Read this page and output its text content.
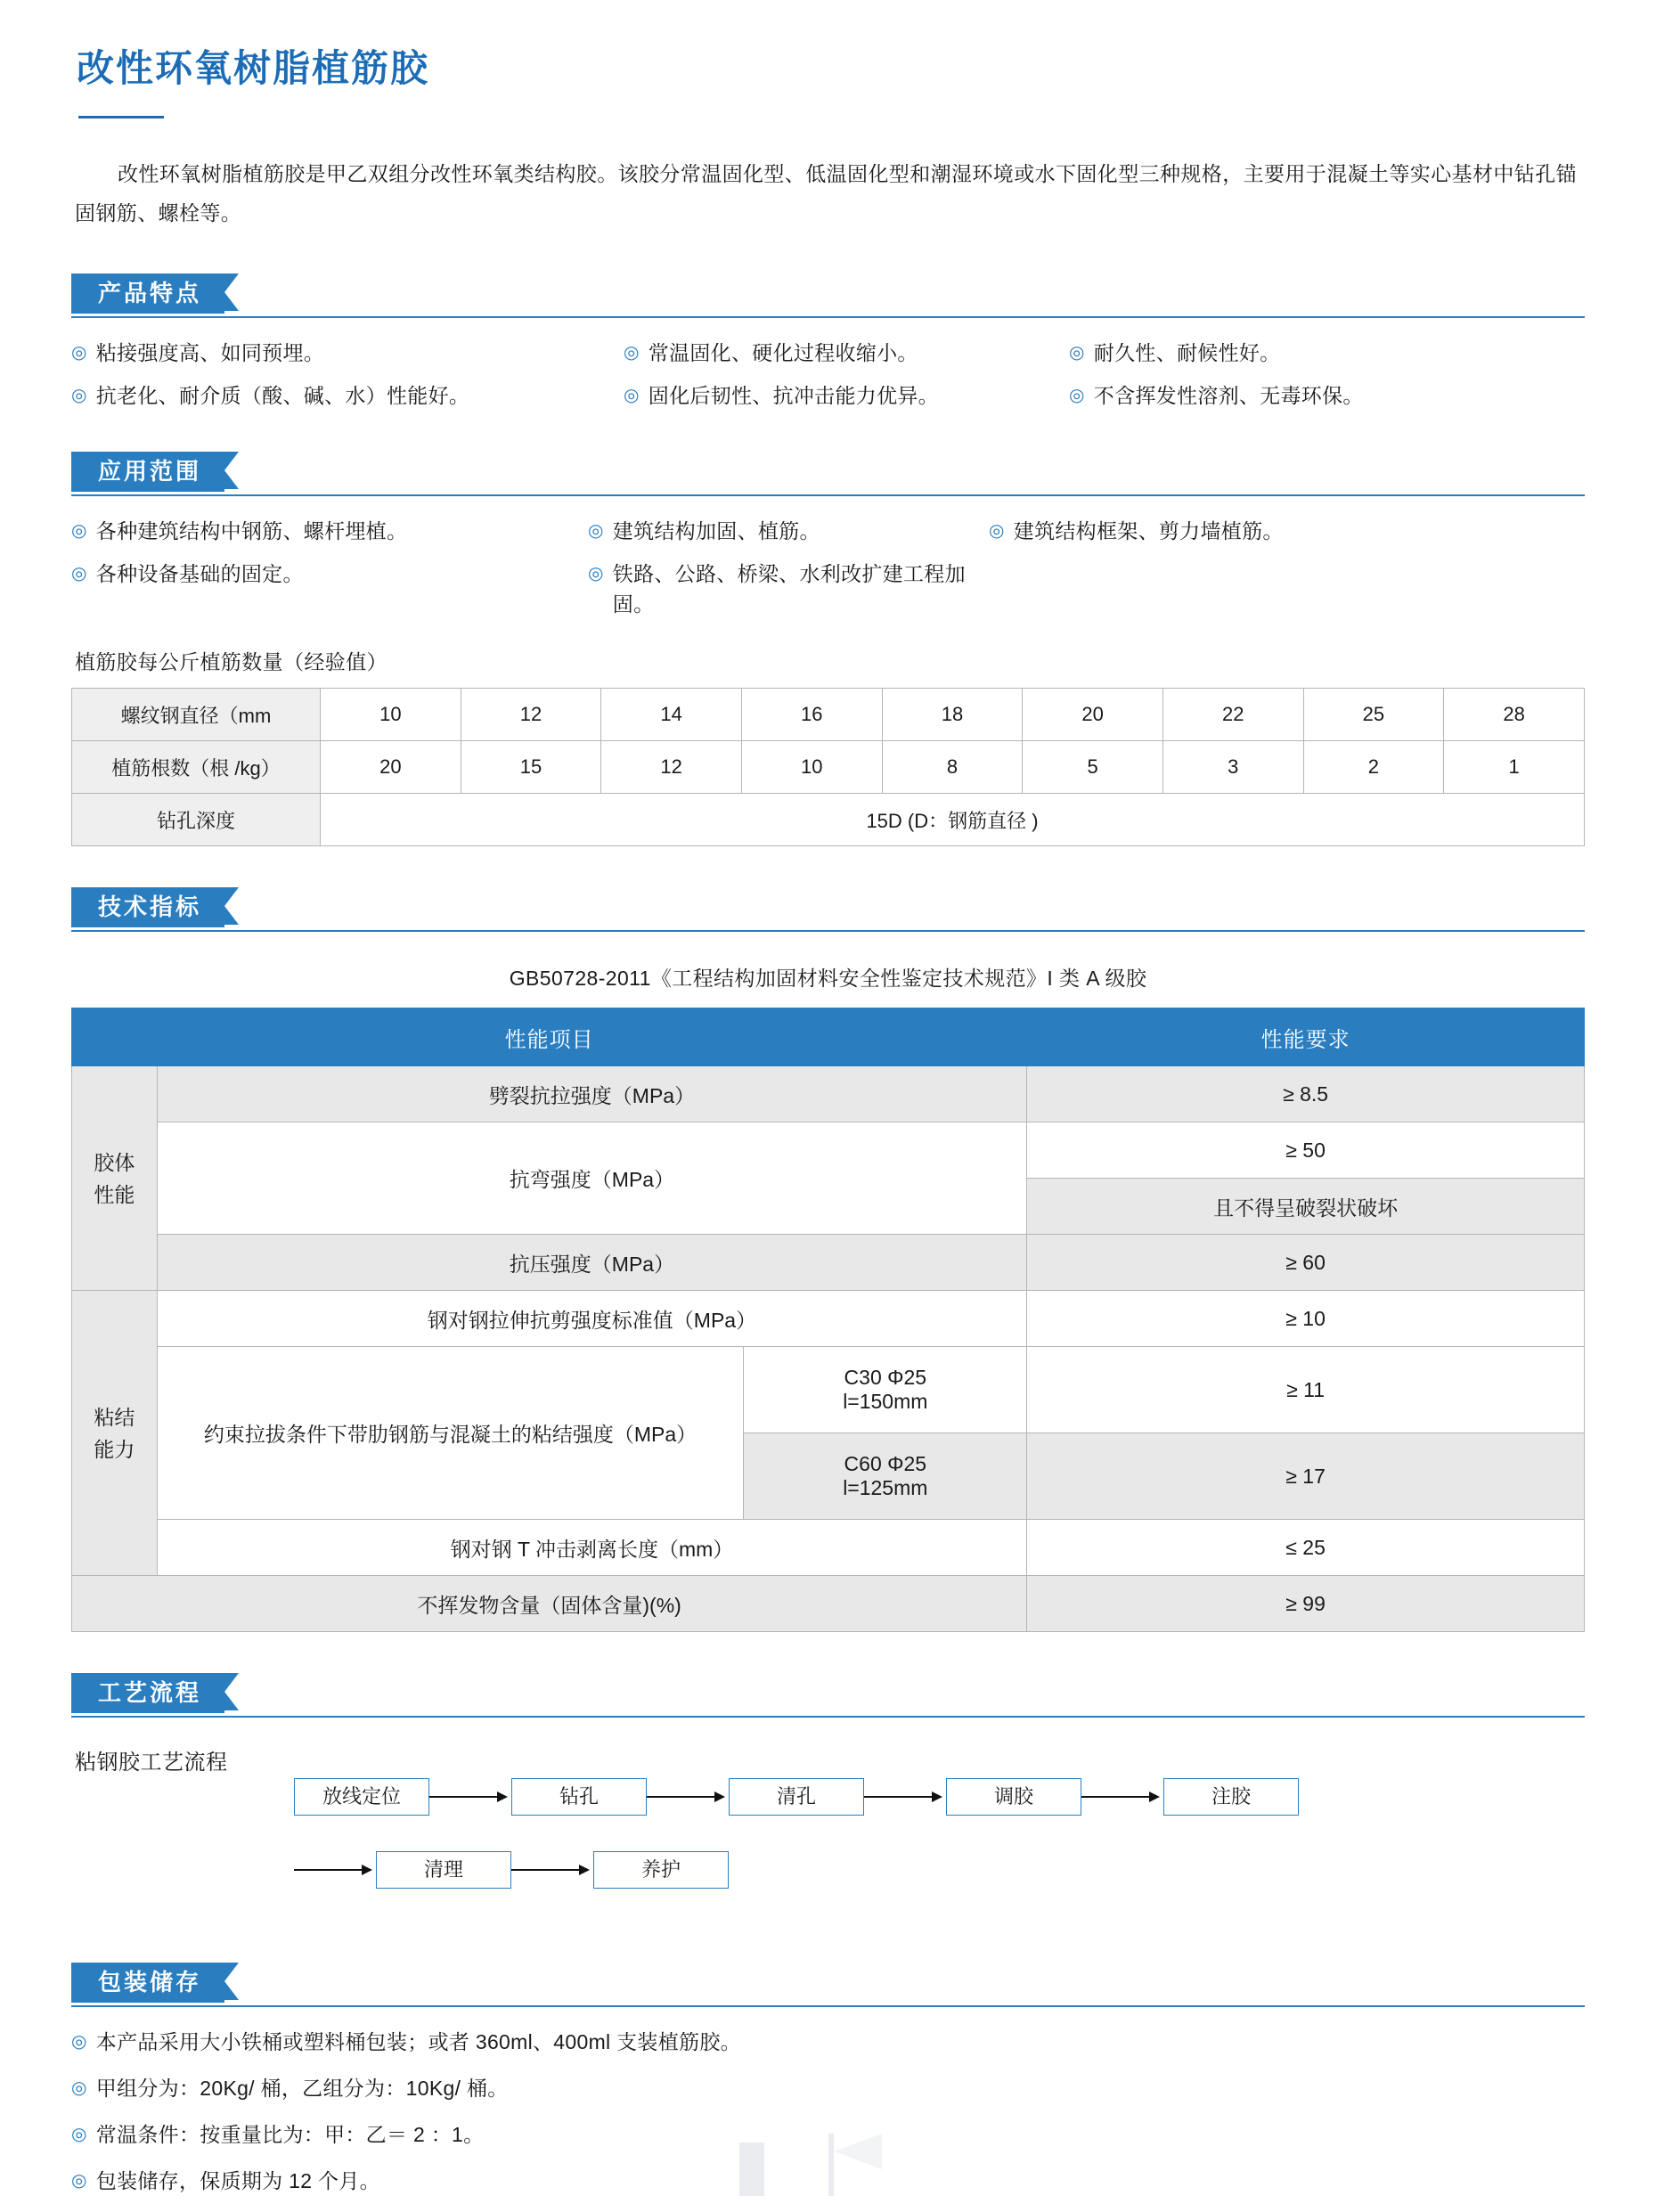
改性环氧树脂植筋胶

改性环氧树脂植筋胶是甲乙双组分改性环氧类结构胶。该胶分常温固化型、低温固化型和潮湿环境或水下固化型三种规格，主要用于混凝土等实心基材中钻孔锚固钢筋、螺栓等。

产品特点
◎ 粘接强度高、如同预埋。	◎ 常温固化、硬化过程收缩小。	◎ 耐久性、耐候性好。
◎ 抗老化、耐介质（酸、碱、水）性能好。	◎ 固化后韧性、抗冲击能力优异。	◎ 不含挥发性溶剂、无毒环保。
应用范围
◎ 各种建筑结构中钢筋、螺杆埋植。	◎ 建筑结构加固、植筋。	◎ 建筑结构框架、剪力墙植筋。
◎ 各种设备基础的固定。	◎ 铁路、公路、桥梁、水利改扩建工程加固。
植筋胶每公斤植筋数量（经验值）
螺纹钢直径（mm	10	12	14	16	18	20	22	25	28
植筋根数（根 /kg）	20	15	12	10	8	5	3	2	1
钻孔深度	15D (D：钢筋直径 )								
技术指标
GB50728-2011《工程结构加固材料安全性鉴定技术规范》I 类 A 级胶
性能项目			性能要求
胶体
性能	劈裂抗拉强度（MPa）		≥ 8.5
	抗弯强度（MPa）		≥ 50
			且不得呈破裂状破坏
	抗压强度（MPa）		≥ 60
粘结
能力	钢对钢拉伸抗剪强度标准值（MPa）		≥ 10
	约束拉拔条件下带肋钢筋与混凝土的粘结强度（MPa）	C30 Φ25
l=150mm	≥ 11
		C60 Φ25
l=125mm	≥ 17
	钢对钢 T 冲击剥离长度（mm）		≤ 25
不挥发物含量（固体含量)(%)			≥ 99
工艺流程
粘钢胶工艺流程
放线定位	钻孔	清孔	调胶	注胶
清理	养护
包装储存
◎ 本产品采用大小铁桶或塑料桶包装；或者 360ml、400ml 支装植筋胶。
◎ 甲组分为：20Kg/ 桶，乙组分为：10Kg/ 桶。
◎ 常温条件：按重量比为：甲：乙＝ 2 ：1。
◎ 包装储存，保质期为 12 个月。
